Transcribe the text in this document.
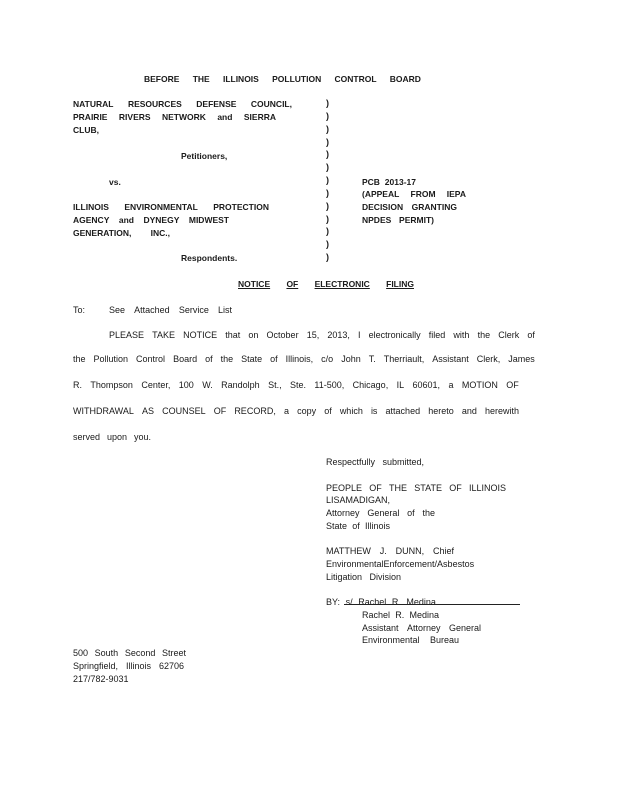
BEFORE THE ILLINOIS POLLUTION CONTROL BOARD
NATURAL RESOURCES DEFENSE COUNCIL,
PRAIRIE RIVERS NETWORK and SIERRA
CLUB,
Petitioners,
vs.
ILLINOIS ENVIRONMENTAL PROTECTION
AGENCY and DYNEGY MIDWEST
GENERATION, INC.,
Respondents.
)
)
)
)
)
)
)
)
)
)
)
)
)
PCB 2013-17
(APPEAL FROM IEPA
DECISION GRANTING
NPDES PERMIT)
NOTICE OF ELECTRONIC FILING
To:	See Attached Service List
PLEASE TAKE NOTICE that on October 15, 2013, I electronically filed with the Clerk of
the Pollution Control Board of the State of Illinois, c/o John T. Therriault, Assistant Clerk, James
R. Thompson Center, 100 W. Randolph St., Ste. 11-500, Chicago, IL 60601, a MOTION OF
WITHDRAWAL AS COUNSEL OF RECORD, a copy of which is attached hereto and herewith
served upon you.
Respectfully submitted,
PEOPLE OF THE STATE OF ILLINOIS
LISA MADIGAN,
Attorney General of the
State of Illinois
MATTHEW J. DUNN, Chief
Environmental Enforcement/Asbestos
Litigation Division
BY: s/ Rachel R. Medina
Rachel R. Medina
Assistant Attorney General
Environmental Bureau
500 South Second Street
Springfield, Illinois 62706
217/782-9031
